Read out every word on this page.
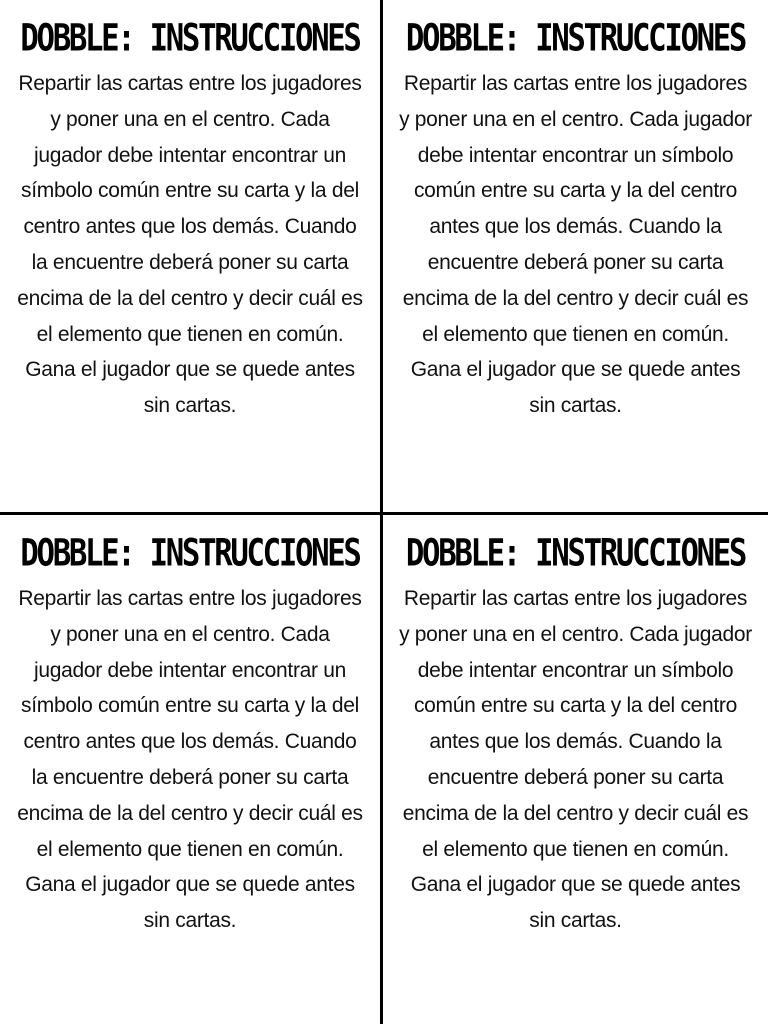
DOBBLE: INSTRUCCIONES

Repartir las cartas entre los jugadores y poner una en el centro. Cada jugador debe intentar encontrar un símbolo común entre su carta y la del centro antes que los demás. Cuando la encuentre deberá poner su carta encima de la del centro y decir cuál es el elemento que tienen en común. Gana el jugador que se quede antes sin cartas.

DOBBLE: INSTRUCCIONES

Repartir las cartas entre los jugadores y poner una en el centro. Cada jugador debe intentar encontrar un símbolo común entre su carta y la del centro antes que los demás. Cuando la encuentre deberá poner su carta encima de la del centro y decir cuál es el elemento que tienen en común. Gana el jugador que se quede antes sin cartas.

DOBBLE: INSTRUCCIONES

Repartir las cartas entre los jugadores y poner una en el centro. Cada jugador debe intentar encontrar un símbolo común entre su carta y la del centro antes que los demás. Cuando la encuentre deberá poner su carta encima de la del centro y decir cuál es el elemento que tienen en común. Gana el jugador que se quede antes sin cartas.

DOBBLE: INSTRUCCIONES

Repartir las cartas entre los jugadores y poner una en el centro. Cada jugador debe intentar encontrar un símbolo común entre su carta y la del centro antes que los demás. Cuando la encuentre deberá poner su carta encima de la del centro y decir cuál es el elemento que tienen en común. Gana el jugador que se quede antes sin cartas.
